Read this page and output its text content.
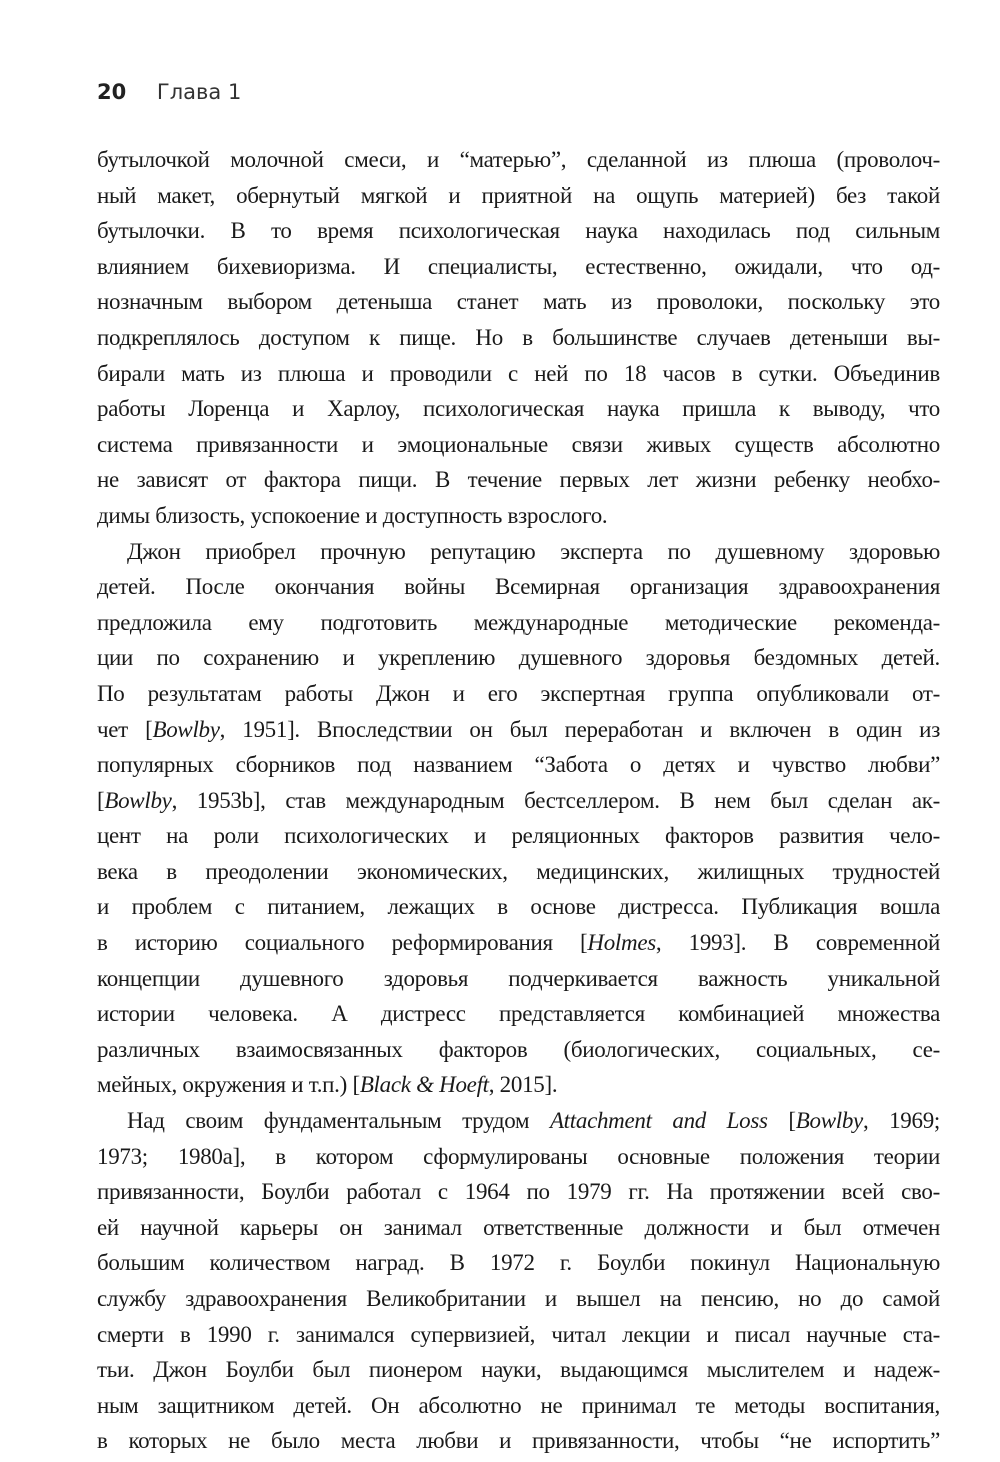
20 Глава 1
бутылочкой молочной смеси, и “матерью”, сделанной из плюша (проволоч-
ный макет, обернутый мягкой и приятной на ощупь материей) без такой
бутылочки. В то время психологическая наука находилась под сильным
влиянием бихевиоризма. И специалисты, естественно, ожидали, что од-
нозначным выбором детеныша станет мать из проволоки, поскольку это
подкреплялось доступом к пище. Но в большинстве случаев детеныши вы-
бирали мать из плюша и проводили с ней по 18 часов в сутки. Объединив
работы Лоренца и Харлоу, психологическая наука пришла к выводу, что
система привязанности и эмоциональные связи живых существ абсолютно
не зависят от фактора пищи. В течение первых лет жизни ребенку необхо-
димы близость, успокоение и доступность взрослого.
Джон приобрел прочную репутацию эксперта по душевному здоровью
детей. После окончания войны Всемирная организация здравоохранения
предложила ему подготовить международные методические рекоменда-
ции по сохранению и укреплению душевного здоровья бездомных детей.
По результатам работы Джон и его экспертная группа опубликовали от-
чет [Bowlby, 1951]. Впоследствии он был переработан и включен в один из
популярных сборников под названием “Забота о детях и чувство любви”
[Bowlby, 1953b], став международным бестселлером. В нем был сделан ак-
цент на роли психологических и реляционных факторов развития чело-
века в преодолении экономических, медицинских, жилищных трудностей
и проблем с питанием, лежащих в основе дистресса. Публикация вошла
в историю социального реформирования [Holmes, 1993]. В современной
концепции душевного здоровья подчеркивается важность уникальной
истории человека. А дистресс представляется комбинацией множества
различных взаимосвязанных факторов (биологических, социальных, се-
мейных, окружения и т.п.) [Black & Hoeft, 2015].
Над своим фундаментальным трудом Attachment and Loss [Bowlby, 1969;
1973; 1980a], в котором сформулированы основные положения теории
привязанности, Боулби работал с 1964 по 1979 гг. На протяжении всей сво-
ей научной карьеры он занимал ответственные должности и был отмечен
большим количеством наград. В 1972 г. Боулби покинул Национальную
службу здравоохранения Великобритании и вышел на пенсию, но до самой
смерти в 1990 г. занимался супервизией, читал лекции и писал научные ста-
тьи. Джон Боулби был пионером науки, выдающимся мыслителем и надеж-
ным защитником детей. Он абсолютно не принимал те методы воспитания,
в которых не было места любви и привязанности, чтобы “не испортить”
